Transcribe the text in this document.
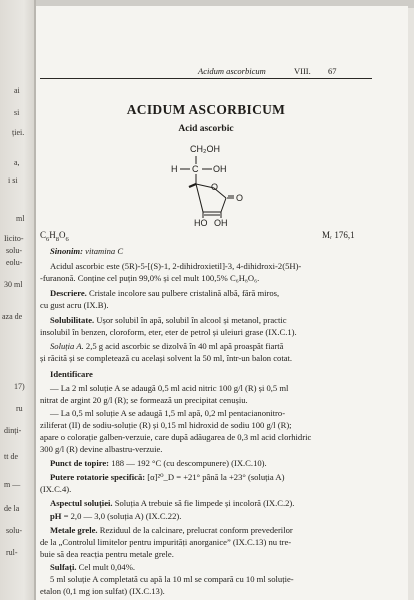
ai
si
ției.
a,
i si
ml
Iicito-
solu-
eolu-
30 ml
aza de
17)
ru
dinți-
tt de
m —
de la
solu-
rul-
Acidum ascorbicum	VIII. 67
ACIDUM ASCORBICUM
Acid ascorbic
CH₂OH
H C OH
O
O
HO OH
$C_6H_8O_6$	Mᵣ 176,1
Sinonim: vitamina C
Acidul ascorbic este (5R)-5-[(S)-1, 2-dihidroxietil]-3, 4-dihidroxi-2(5H)-
-furanonă. Conține cel puțin 99,0% și cel mult 100,5% C₆H₈O₆.
Descriere. Cristale incolore sau pulbere cristalină albă, fără miros,
cu gust acru (IX.B).
Solubilitate. Ușor solubil în apă, solubil în alcool și metanol, practic
insolubil în benzen, cloroform, eter, eter de petrol și uleiuri grase (IX.C.1).
Soluția A. 2,5 g acid ascorbic se dizolvă în 40 ml apă proaspăt fiartă
și răcită și se completează cu același solvent la 50 ml, într-un balon cotat.
Identificare
— La 2 ml soluție A se adaugă 0,5 ml acid nitric 100 g/l (R) și 0,5 ml
nitrat de argint 20 g/l (R); se formează un precipitat cenușiu.
— La 0,5 ml soluție A se adaugă 1,5 ml apă, 0,2 ml pentacianonitro-
ziliferat (II) de sodiu-soluție (R) și 0,15 ml hidroxid de sodiu 100 g/l (R);
apare o colorație galben-verzuie, care după adăugarea de 0,3 ml acid clorhidric
300 g/l (R) devine albastru-verzuie.
Punct de topire: 188 — 192 °C (cu descompunere) (IX.C.10).
Putere rotatorie specifică: [α]²⁰_D = +21° până la +23° (soluția A)
(IX.C.4).
Aspectul soluției. Soluția A trebuie să fie limpede și incoloră (IX.C.2).
pH = 2,0 — 3,0 (soluția A) (IX.C.22).
Metale grele. Reziduul de la calcinare, prelucrat conform prevederilor
de la „Controlul limitelor pentru impurități anorganice” (IX.C.13) nu tre-
buie să dea reacția pentru metale grele.
Sulfați. Cel mult 0,04%.
5 ml soluție A completată cu apă la 10 ml se compară cu 10 ml soluție-
etalon (0,1 mg ion sulfat) (IX.C.13).
